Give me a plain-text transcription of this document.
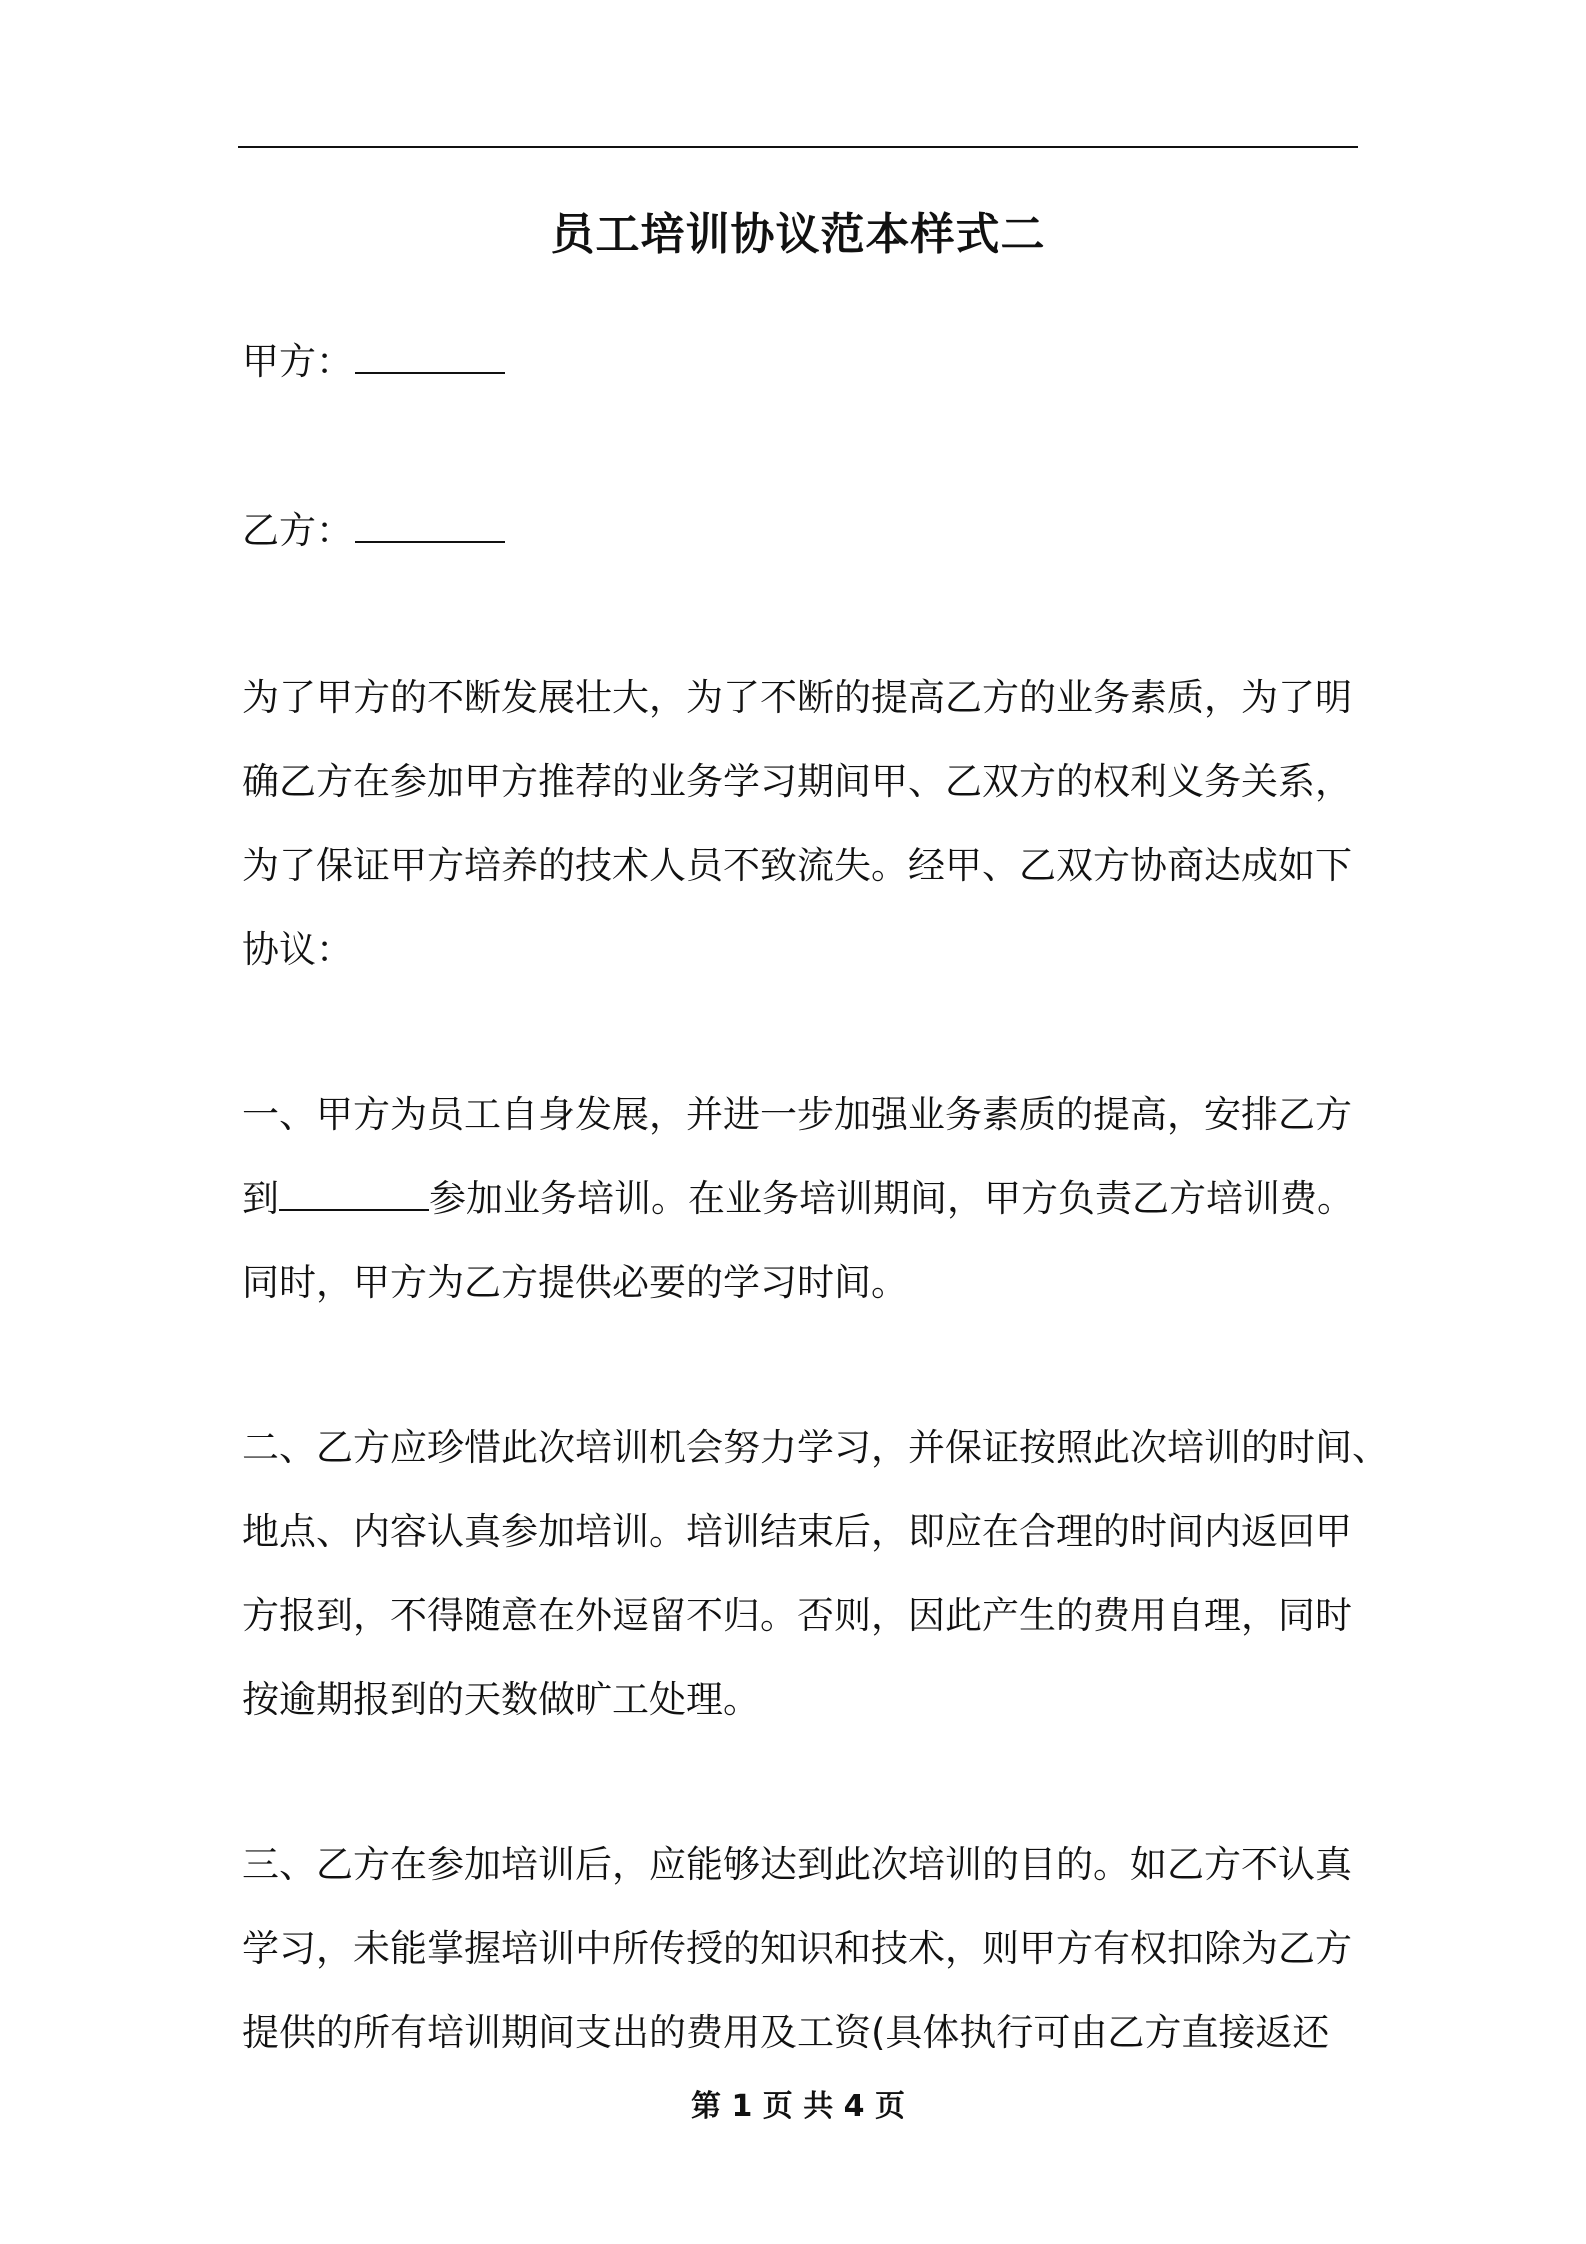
员工培训协议范本样式二
甲方：
乙方：
为了甲方的不断发展壮大，为了不断的提高乙方的业务素质，为了明
确乙方在参加甲方推荐的业务学习期间甲、乙双方的权利义务关系，
为了保证甲方培养的技术人员不致流失。经甲、乙双方协商达成如下
协议：
一、甲方为员工自身发展，并进一步加强业务素质的提高，安排乙方
到	参加业务培训。在业务培训期间，甲方负责乙方培训费。
同时，甲方为乙方提供必要的学习时间。
二、乙方应珍惜此次培训机会努力学习，并保证按照此次培训的时间、
地点、内容认真参加培训。培训结束后，即应在合理的时间内返回甲
方报到，不得随意在外逗留不归。否则，因此产生的费用自理，同时
按逾期报到的天数做旷工处理。
三、乙方在参加培训后，应能够达到此次培训的目的。如乙方不认真
学习，未能掌握培训中所传授的知识和技术，则甲方有权扣除为乙方
提供的所有培训期间支出的费用及工资(具体执行可由乙方直接返还
第 1 页 共 4 页
